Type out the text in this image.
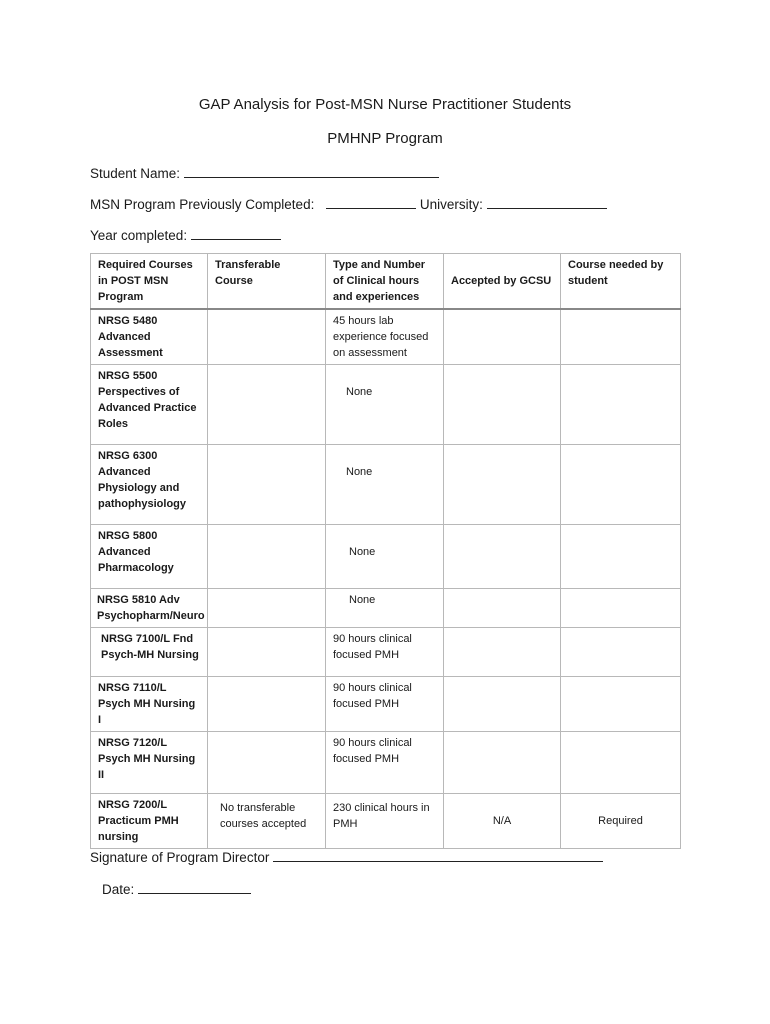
GAP Analysis for Post-MSN Nurse Practitioner Students
PMHNP Program
Student Name:
MSN Program Previously Completed:	University:
Year completed:
Required Courses in POST MSN Program	Transferable Course	Type and Number of Clinical hours and experiences	Accepted by GCSU	Course needed by student
NRSG 5480 Advanced Assessment		45 hours lab experience focused on assessment		
NRSG 5500 Perspectives of Advanced Practice Roles		None		
NRSG 6300 Advanced Physiology and pathophysiology		None		
NRSG 5800 Advanced Pharmacology		None		
NRSG 5810 Adv Psychopharm/Neuro		None		
NRSG 7100/L Fnd Psych-MH Nursing		90 hours clinical focused PMH		
NRSG 7110/L Psych MH Nursing I		90 hours clinical focused PMH		
NRSG 7120/L Psych MH Nursing II		90 hours clinical focused PMH		
NRSG 7200/L Practicum PMH nursing	No transferable courses accepted	230 clinical hours in PMH	N/A	Required
Signature of Program Director
Date:
